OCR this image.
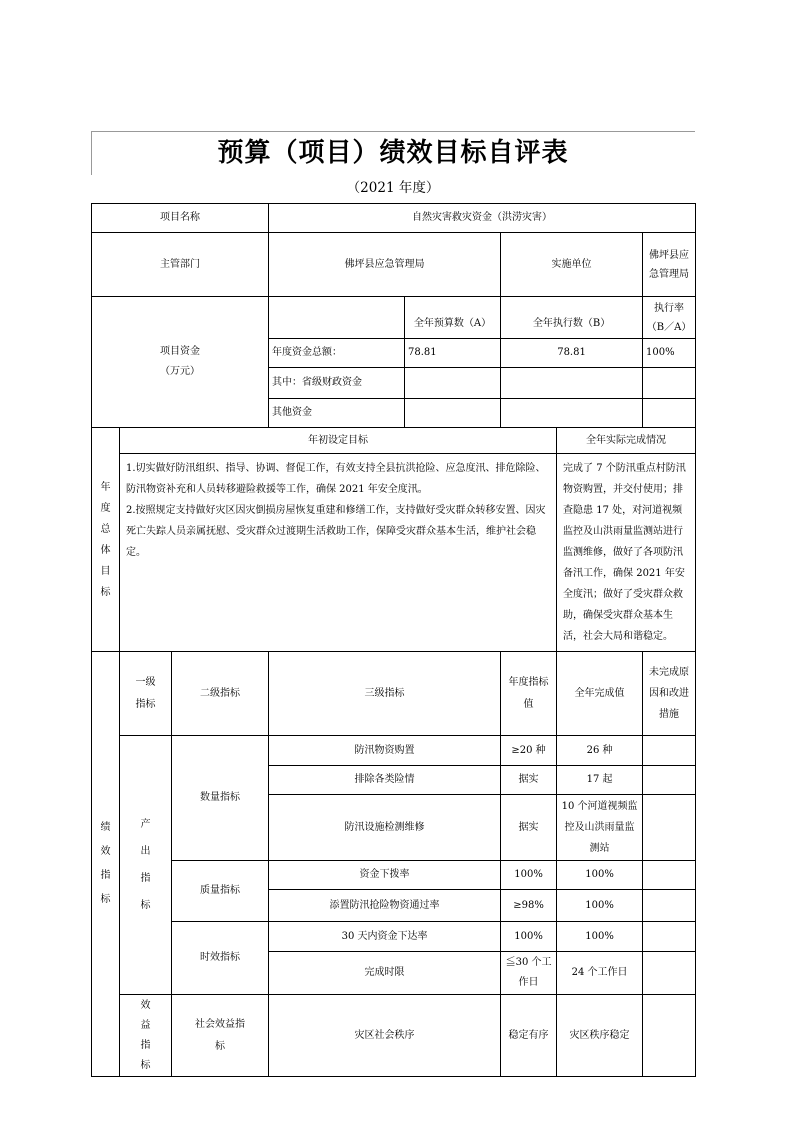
预算（项目）绩效目标自评表
（2021 年度）
项目名称			自然灾害救灾资金（洪涝灾害）				
主管部门			佛坪县应急管理局		实施单位		佛坪县应急管理局

项目资金
（万元）				全年预算数（A）	全年执行数（B）		执行率（B／A）
			年度资金总额：	78.81	78.81		100%
			其中：省级财政资金				
			其他资金				
年度总体目标	年初设定目标					全年实际完成情况	

	1.切实做好防汛组织、指导、协调、督促工作，有效支持全县抗洪抢险、应急度汛、排危除险、防汛物资补充和人员转移避险救援等工作，确保 2021 年安全度汛。
2.按照规定支持做好灾区因灾倒损房屋恢复重建和修缮工作，支持做好受灾群众转移安置、因灾死亡失踪人员亲属抚慰、受灾群众过渡期生活救助工作，保障受灾群众基本生活，维护社会稳定。					完成了 7 个防汛重点村防汛物资购置，并交付使用；排查隐患 17 处，对河道视频监控及山洪雨量监测站进行监测维修，做好了各项防汛备汛工作，确保 2021 年安全度汛；做好了受灾群众救助，确保受灾群众基本生活，社会大局和谐稳定。	
绩效指标	一级指标	二级指标	三级指标		年度指标值	全年完成值	未完成原因和改进措施
	产出指标	数量指标	防汛物资购置		≥20 种	26 种	
			排除各类险情		据实	17 起	
			防汛设施检测维修		据实	10 个河道视频监控及山洪雨量监测站	
		质量指标	资金下拨率		100%	100%	
			添置防汛抢险物资通过率		≥98%	100%	
		时效指标	30 天内资金下达率		100%	100%	
			完成时限		≦30 个工作日	24 个工作日	
	效益指标	社会效益指标	灾区社会秩序		稳定有序	灾区秩序稳定	
